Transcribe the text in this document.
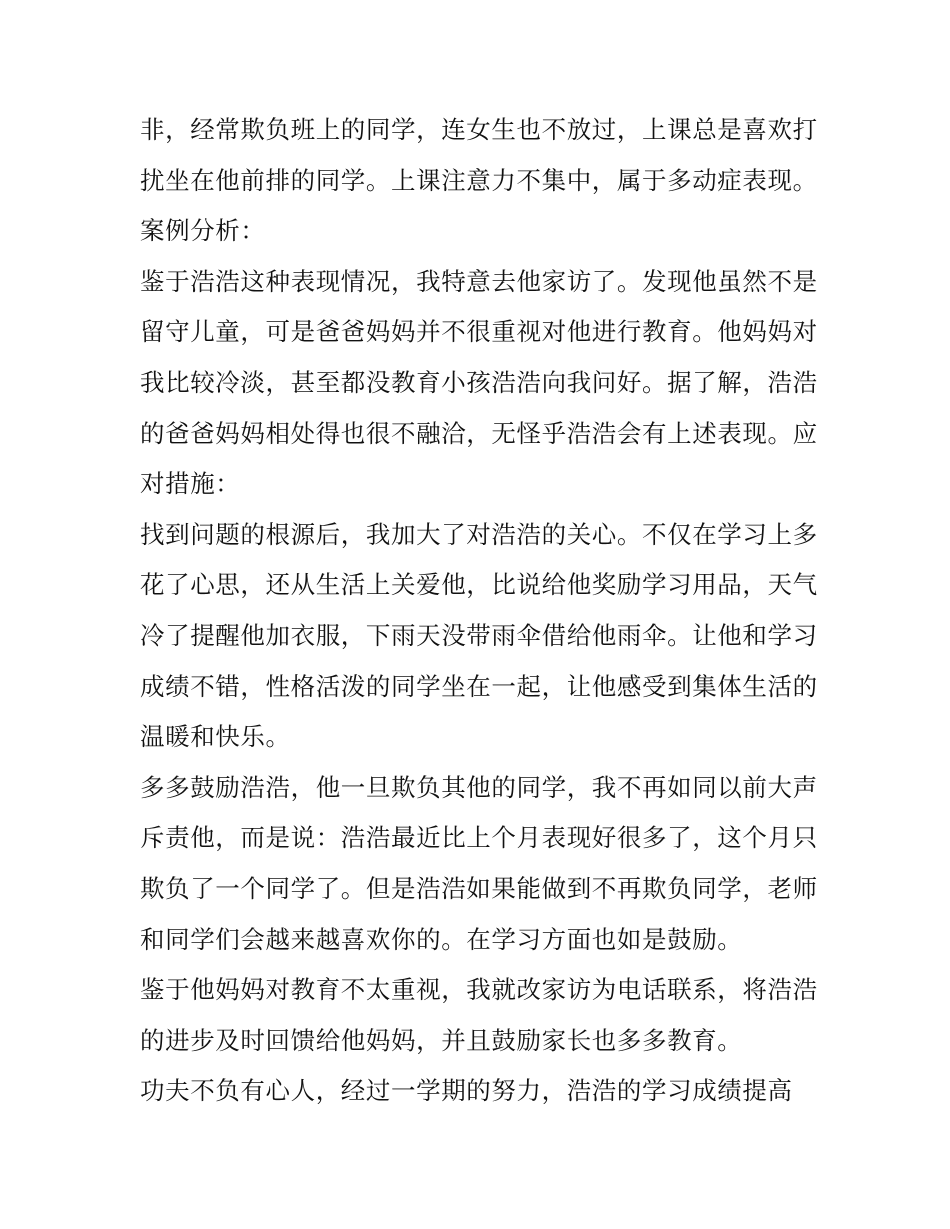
非，经常欺负班上的同学，连女生也不放过，上课总是喜欢打
扰坐在他前排的同学。上课注意力不集中，属于多动症表现。
案例分析：
鉴于浩浩这种表现情况，我特意去他家访了。发现他虽然不是
留守儿童，可是爸爸妈妈并不很重视对他进行教育。他妈妈对
我比较冷淡，甚至都没教育小孩浩浩向我问好。据了解，浩浩
的爸爸妈妈相处得也很不融洽，无怪乎浩浩会有上述表现。应
对措施：
找到问题的根源后，我加大了对浩浩的关心。不仅在学习上多
花了心思，还从生活上关爱他，比说给他奖励学习用品，天气
冷了提醒他加衣服，下雨天没带雨伞借给他雨伞。让他和学习
成绩不错，性格活泼的同学坐在一起，让他感受到集体生活的
温暖和快乐。
多多鼓励浩浩，他一旦欺负其他的同学，我不再如同以前大声
斥责他，而是说：浩浩最近比上个月表现好很多了，这个月只
欺负了一个同学了。但是浩浩如果能做到不再欺负同学，老师
和同学们会越来越喜欢你的。在学习方面也如是鼓励。
鉴于他妈妈对教育不太重视，我就改家访为电话联系，将浩浩
的进步及时回馈给他妈妈，并且鼓励家长也多多教育。
功夫不负有心人，经过一学期的努力，浩浩的学习成绩提高
